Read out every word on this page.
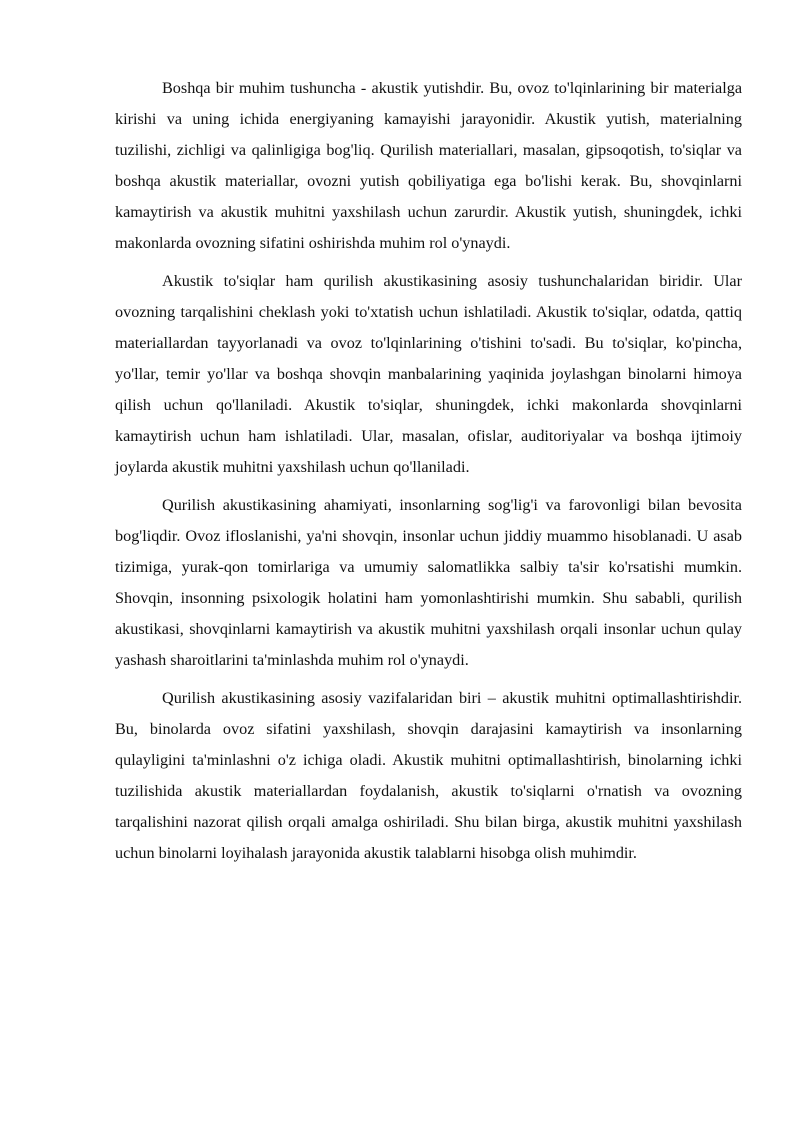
Boshqa bir muhim tushuncha - akustik yutishdir. Bu, ovoz to'lqinlarining bir materialga kirishi va uning ichida energiyaning kamayishi jarayonidir. Akustik yutish, materialning tuzilishi, zichligi va qalinligiga bog'liq. Qurilish materiallari, masalan, gipsoqotish, to'siqlar va boshqa akustik materiallar, ovozni yutish qobiliyatiga ega bo'lishi kerak. Bu, shovqinlarni kamaytirish va akustik muhitni yaxshilash uchun zarurdir. Akustik yutish, shuningdek, ichki makonlarda ovozning sifatini oshirishda muhim rol o'ynaydi.

Akustik to'siqlar ham qurilish akustikasining asosiy tushunchalaridan biridir. Ular ovozning tarqalishini cheklash yoki to'xtatish uchun ishlatiladi. Akustik to'siqlar, odatda, qattiq materiallardan tayyorlanadi va ovoz to'lqinlarining o'tishini to'sadi. Bu to'siqlar, ko'pincha, yo'llar, temir yo'llar va boshqa shovqin manbalarining yaqinida joylashgan binolarni himoya qilish uchun qo'llaniladi. Akustik to'siqlar, shuningdek, ichki makonlarda shovqinlarni kamaytirish uchun ham ishlatiladi. Ular, masalan, ofislar, auditoriyalar va boshqa ijtimoiy joylarda akustik muhitni yaxshilash uchun qo'llaniladi.

Qurilish akustikasining ahamiyati, insonlarning sog'lig'i va farovonligi bilan bevosita bog'liqdir. Ovoz ifloslanishi, ya'ni shovqin, insonlar uchun jiddiy muammo hisoblanadi. U asab tizimiga, yurak-qon tomirlariga va umumiy salomatlikka salbiy ta'sir ko'rsatishi mumkin. Shovqin, insonning psixologik holatini ham yomonlashtirishi mumkin. Shu sababli, qurilish akustikasi, shovqinlarni kamaytirish va akustik muhitni yaxshilash orqali insonlar uchun qulay yashash sharoitlarini ta'minlashda muhim rol o'ynaydi.

Qurilish akustikasining asosiy vazifalaridan biri – akustik muhitni optimallashtirishdir. Bu, binolarda ovoz sifatini yaxshilash, shovqin darajasini kamaytirish va insonlarning qulayligini ta'minlashni o'z ichiga oladi. Akustik muhitni optimallashtirish, binolarning ichki tuzilishida akustik materiallardan foydalanish, akustik to'siqlarni o'rnatish va ovozning tarqalishini nazorat qilish orqali amalga oshiriladi. Shu bilan birga, akustik muhitni yaxshilash uchun binolarni loyihalash jarayonida akustik talablarni hisobga olish muhimdir.
